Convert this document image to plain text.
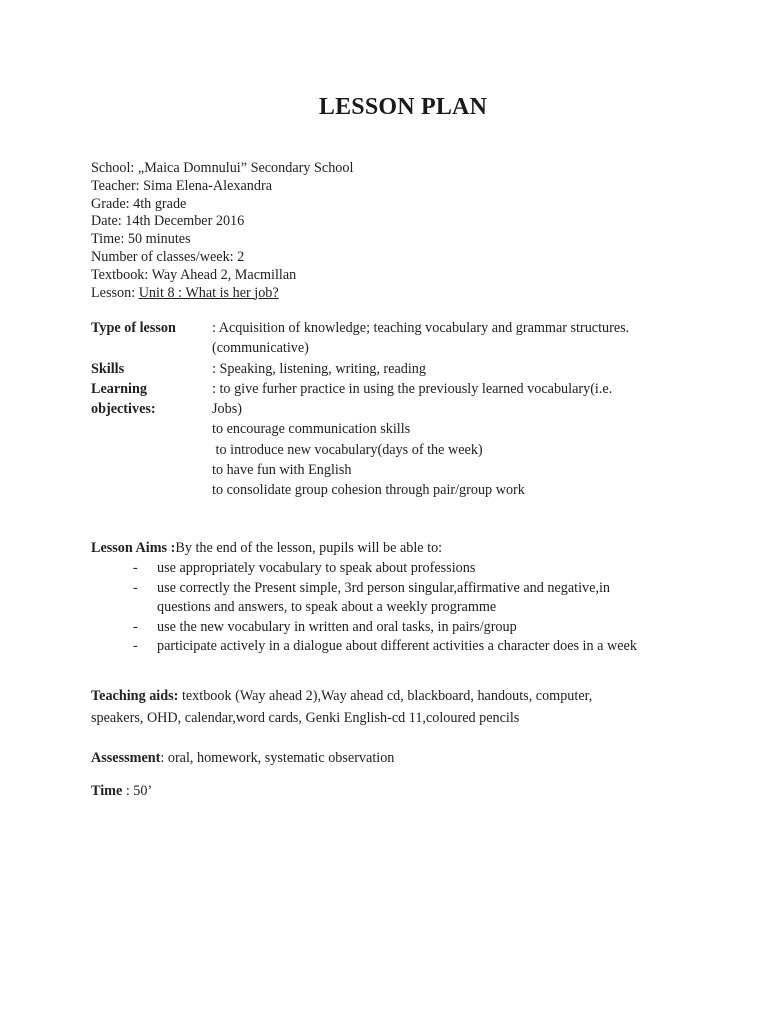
LESSON PLAN
School: „Maica Domnului” Secondary School
Teacher: Sima Elena-Alexandra
Grade: 4th grade
Date: 14th December 2016
Time: 50 minutes
Number of classes/week: 2
Textbook: Way Ahead 2, Macmillan
Lesson: Unit 8 : What is her job?
Type of lesson	: Acquisition of knowledge; teaching vocabulary and grammar structures.
(communicative)
Skills	: Speaking, listening, writing, reading
Learning
objectives:
: to give furher practice in using the previously learned vocabulary(i.e.
Jobs)
to encourage communication skills
to introduce new vocabulary(days of the week)
to have fun with English
to consolidate group cohesion through pair/group work
Lesson Aims :By the end of the lesson, pupils will be able to:
- use appropriately vocabulary to speak about professions
- use correctly the Present simple, 3rd person singular,affirmative and negative,in
questions and answers, to speak about a weekly programme
- use the new vocabulary in written and oral tasks, in pairs/group
- participate actively in a dialogue about different activities a character does in a week
Teaching aids: textbook (Way ahead 2),Way ahead cd, blackboard, handouts, computer,
speakers, OHD, calendar,word cards, Genki English-cd 11,coloured pencils
Assessment: oral, homework, systematic observation
Time : 50’
